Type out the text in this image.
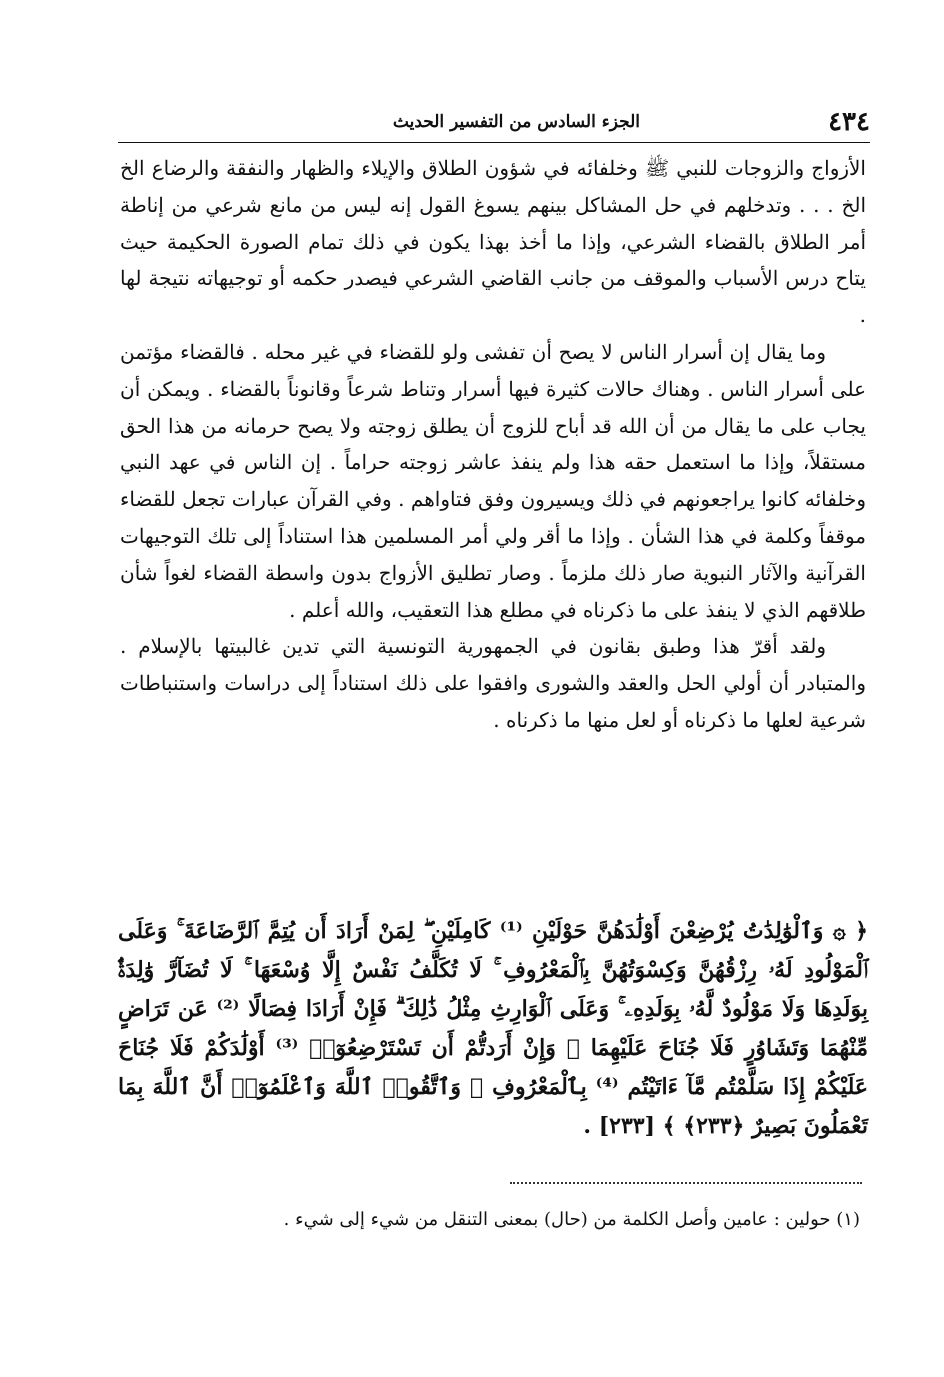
٤٣٤
الجزء السادس من التفسير الحديث

الأزواج والزوجات للنبي ﷺ وخلفائه في شؤون الطلاق والإيلاء والظهار والنفقة والرضاع الخ الخ . . . وتدخلهم في حل المشاكل بينهم يسوغ القول إنه ليس من مانع شرعي من إناطة أمر الطلاق بالقضاء الشرعي، وإذا ما أخذ بهذا يكون في ذلك تمام الصورة الحكيمة حيث يتاح درس الأسباب والموقف من جانب القاضي الشرعي فيصدر حكمه أو توجيهاته نتيجة لها .

وما يقال إن أسرار الناس لا يصح أن تفشى ولو للقضاء في غير محله . فالقضاء مؤتمن على أسرار الناس . وهناك حالات كثيرة فيها أسرار وتناط شرعاً وقانوناً بالقضاء . ويمكن أن يجاب على ما يقال من أن الله قد أباح للزوج أن يطلق زوجته ولا يصح حرمانه من هذا الحق مستقلاً، وإذا ما استعمل حقه هذا ولم ينفذ عاشر زوجته حراماً . إن الناس في عهد النبي وخلفائه كانوا يراجعونهم في ذلك ويسيرون وفق فتاواهم . وفي القرآن عبارات تجعل للقضاء موقفاً وكلمة في هذا الشأن . وإذا ما أقر ولي أمر المسلمين هذا استناداً إلى تلك التوجيهات القرآنية والآثار النبوية صار ذلك ملزماً . وصار تطليق الأزواج بدون واسطة القضاء لغواً شأن طلاقهم الذي لا ينفذ على ما ذكرناه في مطلع هذا التعقيب، والله أعلم .

ولقد أقرّ هذا وطبق بقانون في الجمهورية التونسية التي تدين غالبيتها بالإسلام . والمتبادر أن أولي الحل والعقد والشورى وافقوا على ذلك استناداً إلى دراسات واستنباطات شرعية لعلها ما ذكرناه أو لعل منها ما ذكرناه .

﴿ ۞ وَٱلْوَٰلِدَٰتُ يُرْضِعْنَ أَوْلَٰدَهُنَّ حَوْلَيْنِ ⁽¹⁾ كَامِلَيْنِ ۖ لِمَنْ أَرَادَ أَن يُتِمَّ ٱلرَّضَاعَةَ ۚ وَعَلَى ٱلْمَوْلُودِ لَهُۥ رِزْقُهُنَّ وَكِسْوَتُهُنَّ بِٱلْمَعْرُوفِ ۚ لَا تُكَلَّفُ نَفْسٌ إِلَّا وُسْعَهَا ۚ لَا تُضَآرَّ وَٰلِدَةٌۢ بِوَلَدِهَا وَلَا مَوْلُودٌ لَّهُۥ بِوَلَدِهِۦ ۚ وَعَلَى ٱلْوَارِثِ مِثْلُ ذَٰلِكَ ۗ فَإِنْ أَرَادَا فِصَالًا ⁽²⁾ عَن تَرَاضٍ مِّنْهُمَا وَتَشَاوُرٍ فَلَا جُنَاحَ عَلَيْهِمَا ۗ وَإِنْ أَرَدتُّمْ أَن تَسْتَرْضِعُوٓا۟ ⁽³⁾ أَوْلَٰدَكُمْ فَلَا جُنَاحَ عَلَيْكُمْ إِذَا سَلَّمْتُم مَّآ ءَاتَيْتُم ⁽⁴⁾ بِٱلْمَعْرُوفِ ۗ وَٱتَّقُوا۟ ٱللَّهَ وَٱعْلَمُوٓا۟ أَنَّ ٱللَّهَ بِمَا تَعْمَلُونَ بَصِيرٌ ﴿٢٣٣﴾ ﴾ [٢٣٣] .

(١) حولين : عامين وأصل الكلمة من (حال) بمعنى التنقل من شيء إلى شيء .
